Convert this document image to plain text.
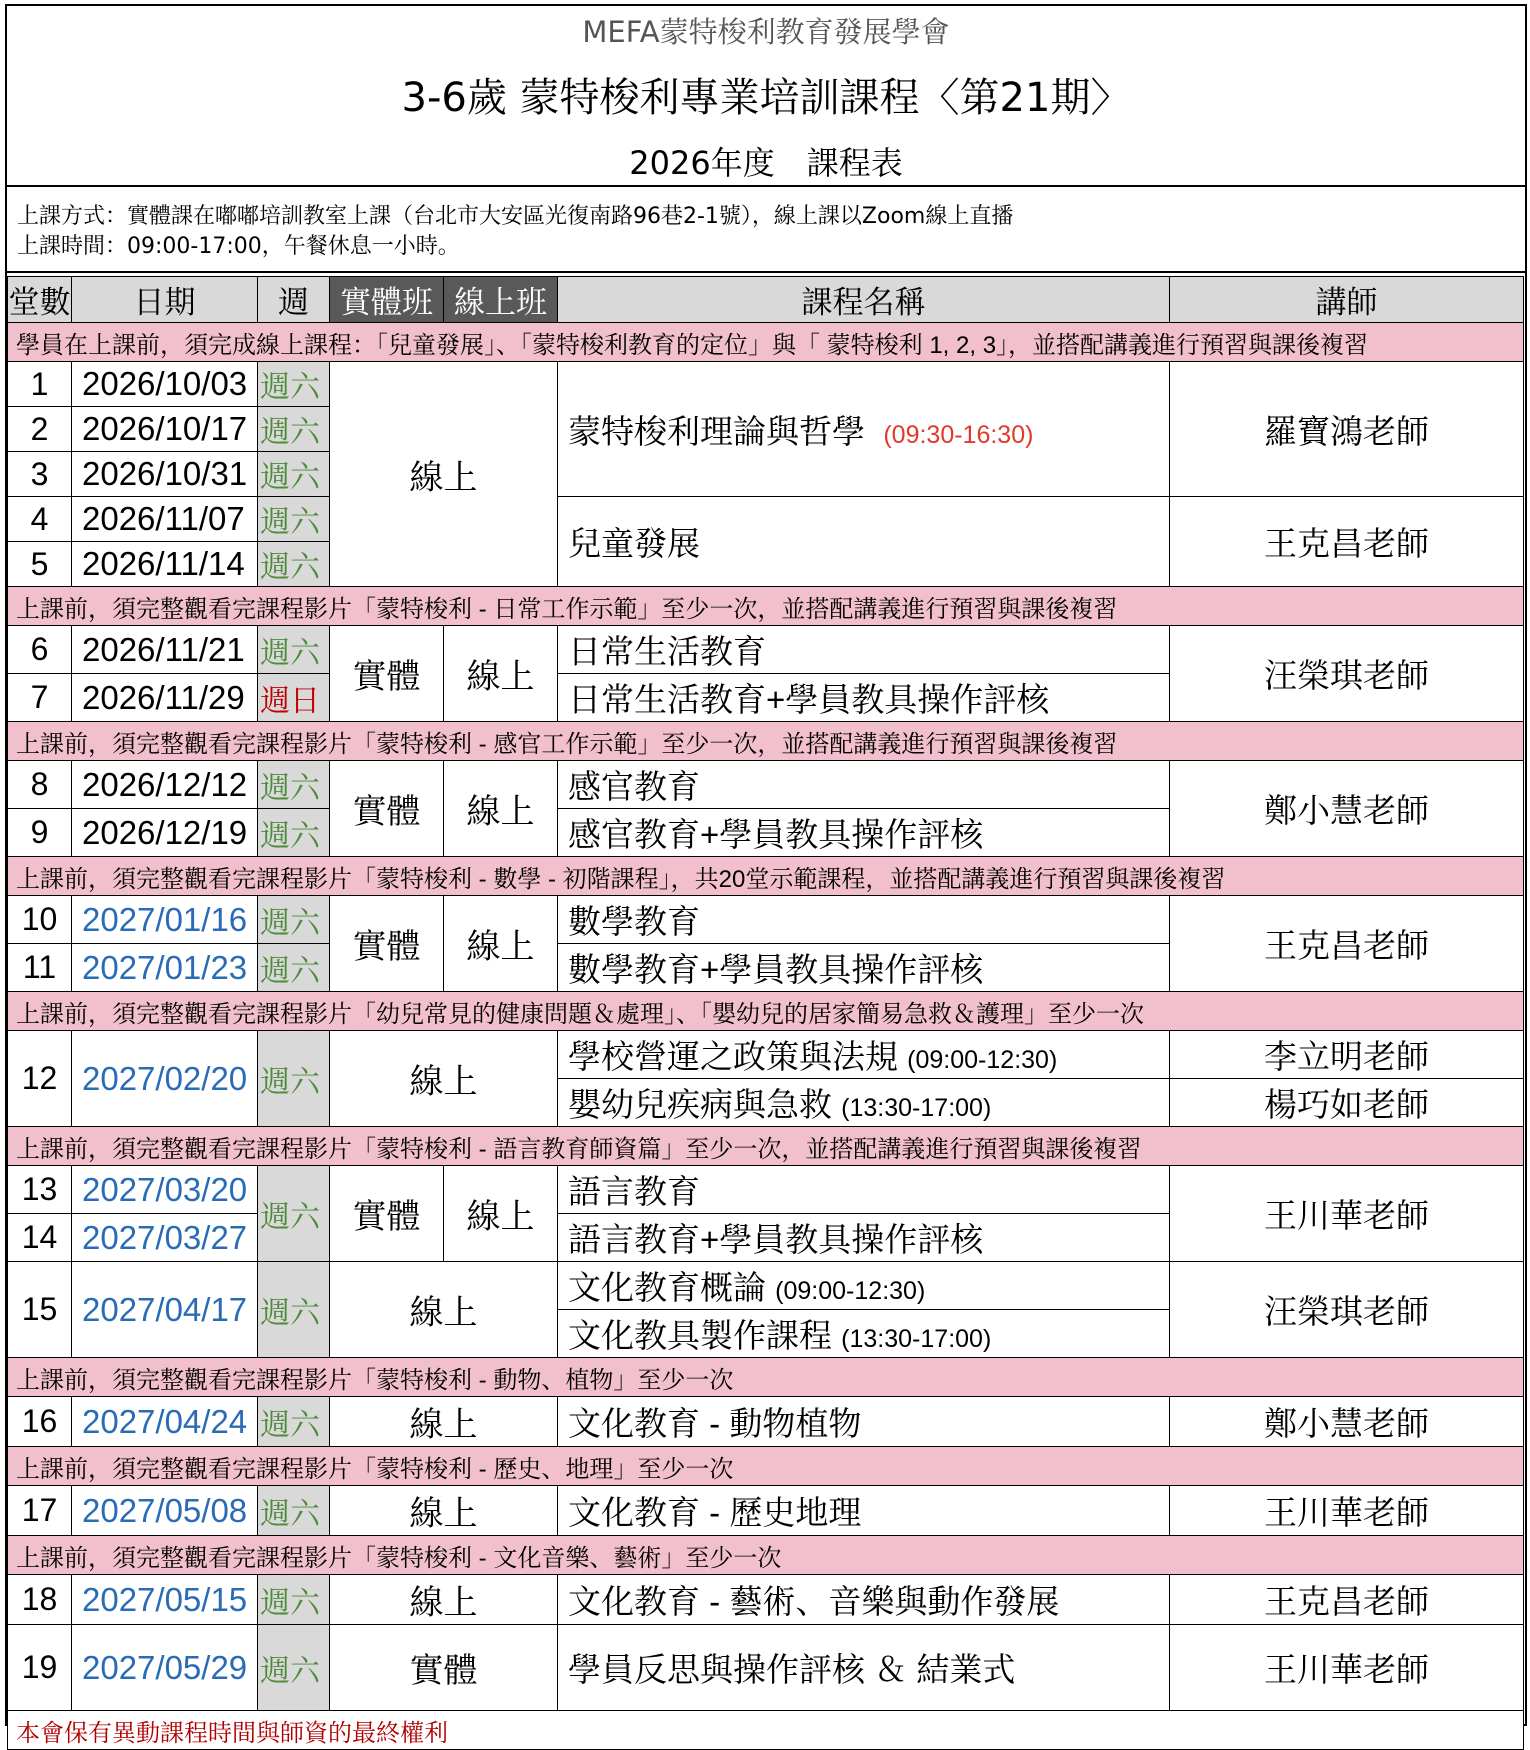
MEFA蒙特梭利教育發展學會
3-6歲 蒙特梭利專業培訓課程〈第21期〉
2026年度　課程表
上課方式：實體課在嘟嘟培訓教室上課（台北市大安區光復南路96巷2-1號），線上課以Zoom線上直播
上課時間：09:00-17:00，午餐休息一小時。
堂數	日期	週	實體班	線上班	課程名稱	講師
學員在上課前，須完成線上課程：「兒童發展」、「蒙特梭利教育的定位」與「 蒙特梭利 1, 2, 3」，並搭配講義進行預習與課後複習						
1	2026/10/03	週六	線上		蒙特梭利理論與哲學 (09:30-16:30)	羅寶鴻老師
2	2026/10/17	週六				
3	2026/10/31	週六				
4	2026/11/07	週六			兒童發展	王克昌老師
5	2026/11/14	週六				
上課前，須完整觀看完課程影片「蒙特梭利 - 日常工作示範」至少一次，並搭配講義進行預習與課後複習						
6	2026/11/21	週六	實體	線上	日常生活教育	汪榮琪老師
7	2026/11/29	週日			日常生活教育+學員教具操作評核	
上課前，須完整觀看完課程影片「蒙特梭利 - 感官工作示範」至少一次，並搭配講義進行預習與課後複習						
8	2026/12/12	週六	實體	線上	感官教育	鄭小慧老師
9	2026/12/19	週六			感官教育+學員教具操作評核	
上課前，須完整觀看完課程影片「蒙特梭利 - 數學 - 初階課程」，共20堂示範課程，並搭配講義進行預習與課後複習						
10	2027/01/16	週六	實體	線上	數學教育	王克昌老師
11	2027/01/23	週六			數學教育+學員教具操作評核	
上課前，須完整觀看完課程影片「幼兒常見的健康問題＆處理」、「嬰幼兒的居家簡易急救＆護理」至少一次						
12	2027/02/20	週六	線上		學校營運之政策與法規 (09:00-12:30)	李立明老師
					嬰幼兒疾病與急救 (13:30-17:00)	楊巧如老師
上課前，須完整觀看完課程影片「蒙特梭利 - 語言教育師資篇」至少一次，並搭配講義進行預習與課後複習						
13	2027/03/20	週六	實體	線上	語言教育	王川華老師
14	2027/03/27				語言教育+學員教具操作評核	
15	2027/04/17	週六	線上		文化教育概論 (09:00-12:30)	汪榮琪老師
					文化教具製作課程 (13:30-17:00)	
上課前，須完整觀看完課程影片「蒙特梭利 - 動物、植物」至少一次						
16	2027/04/24	週六	線上		文化教育 - 動物植物	鄭小慧老師
上課前，須完整觀看完課程影片「蒙特梭利 - 歷史、地理」至少一次						
17	2027/05/08	週六	線上		文化教育 - 歷史地理	王川華老師
上課前，須完整觀看完課程影片「蒙特梭利 - 文化音樂、藝術」至少一次						
18	2027/05/15	週六	線上		文化教育 - 藝術、音樂與動作發展	王克昌老師
19	2027/05/29	週六	實體		學員反思與操作評核 ＆ 結業式	王川華老師
本會保有異動課程時間與師資的最終權利						
